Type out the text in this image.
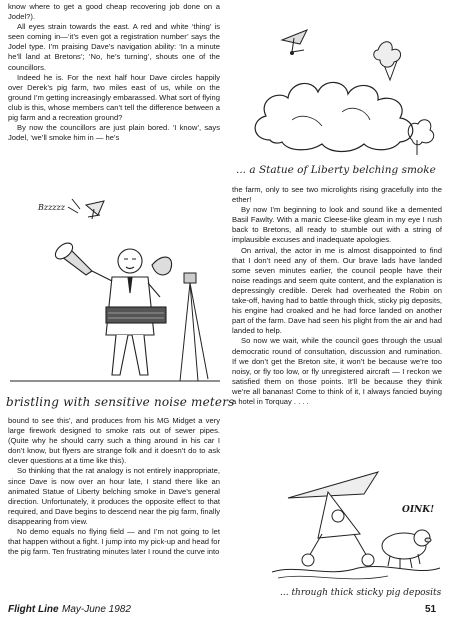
know where to get a good cheap recovering job done on a Jodel?).

All eyes strain towards the east. A red and white ‘thing’ is seen coming in—‘it’s even got a registration number’ says the Jodel type. I’m praising Dave’s navigation ability: ‘In a minute he’ll land at Bretons’; ‘No, he’s turning’, shouts one of the councillors.

Indeed he is. For the next half hour Dave circles happily over Derek’s pig farm, two miles east of us, while on the ground I’m getting increasingly embarassed. What sort of flying club is this, whose members can’t tell the difference between a pig farm and a recreation ground?

By now the councillors are just plain bored. ‘I know’, says Jodel, ‘we’ll smoke him in — he’s

... a Statue of Liberty belching smoke
Bzzzzz
bristling with sensitive noise meters

bound to see this’, and produces from his MG Midget a very large firework designed to smoke rats out of sewer pipes. (Quite why he should carry such a thing around in his car I don’t know, but flyers are strange folk and it doesn’t do to ask clever questions at a time like this).

So thinking that the rat analogy is not entirely inappropriate, since Dave is now over an hour late, I stand there like an animated Statue of Liberty belching smoke in Dave’s general direction. Unfortunately, it produces the opposite effect to that required, and Dave begins to descend near the pig farm, finally disappearing from view.

No demo equals no flying field — and I’m not going to let that happen without a fight. I jump into my pick-up and head for the pig farm. Ten frustrating minutes later I round the curve into

the farm, only to see two microlights rising gracefully into the ether!

By now I’m beginning to look and sound like a demented Basil Fawlty. With a manic Cleese-like gleam in my eye I rush back to Bretons, all ready to stumble out with a string of implausible excuses and inadequate apologies.

On arrival, the actor in me is almost disappointed to find that I don’t need any of them. Our brave lads have landed some seven minutes earlier, the council people have their noise readings and seem quite content, and the explanation is depressingly credible. Derek had overheated the Robin on take-off, having had to battle through thick, sticky pig deposits, his engine had croaked and he had force landed on another part of the farm. Dave had seen his plight from the air and had landed to help.

So now we wait, while the council goes through the usual democratic round of consultation, discussion and rumination. If we don’t get the Breton site, it won’t be because we’re too noisy, or fly too low, or fly unregistered aircraft — I reckon we satisfied them on those points. It’ll be because they think we’re all bananas! Come to think of it, I always fancied buying a hotel in Torquay . . . .

OINK!
... through thick sticky pig deposits
Flight Line May-June 1982	51
